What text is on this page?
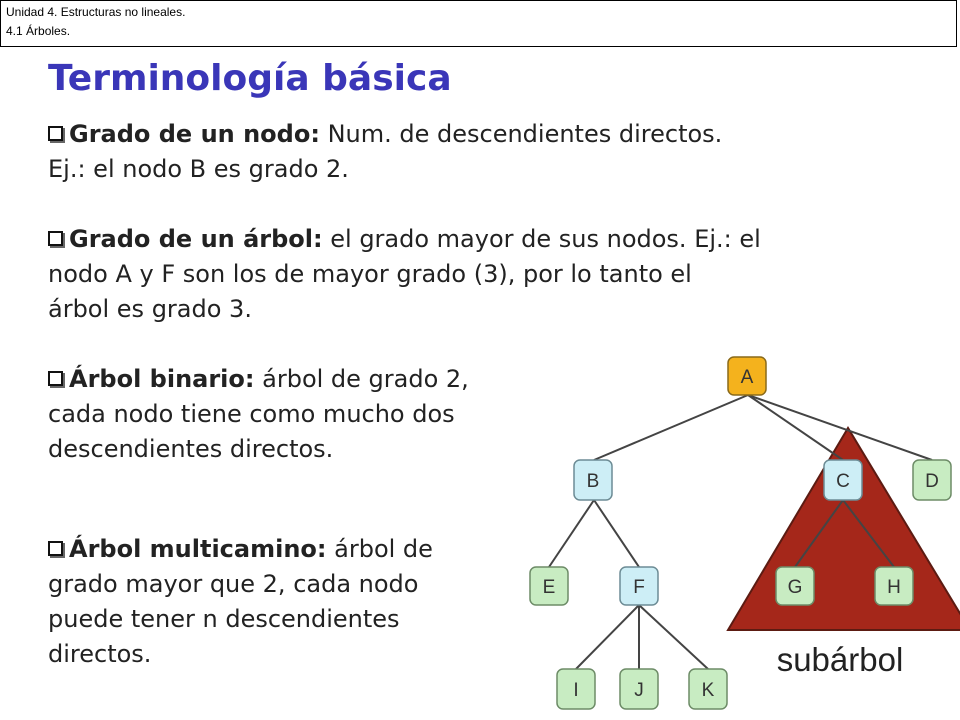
Unidad 4. Estructuras no lineales.
4.1 Árboles.
Terminología básica
Grado de un nodo: Num. de descendientes directos.
Ej.: el nodo B es grado 2.
Grado de un árbol: el grado mayor de sus nodos. Ej.: el
nodo A y F son los de mayor grado (3), por lo tanto el
árbol es grado 3.
A
B	C	D
E	F	G	H
I	J	K
subárbol
Árbol binario: árbol de grado 2,
cada nodo tiene como mucho dos
descendientes directos.
Árbol multicamino: árbol de
grado mayor que 2, cada nodo
puede tener n descendientes
directos.
